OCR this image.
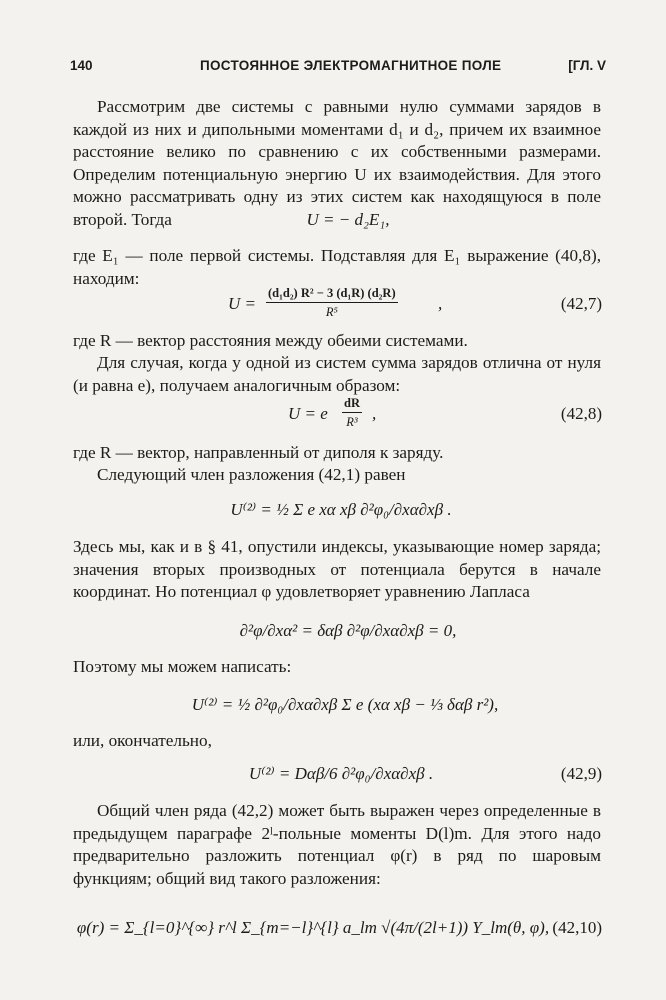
140	ПОСТОЯННОЕ ЭЛЕКТРОМАГНИТНОЕ ПОЛЕ	[ГЛ. V

Рассмотрим две системы с равными нулю суммами зарядов в каждой из них и дипольными моментами d₁ и d₂, причем их взаимное расстояние велико по сравнению с их собственными размерами. Определим потенциальную энергию U их взаимодействия. Для этого можно рассматривать одну из этих систем как находящуюся в поле второй. Тогда	U = − d₂E₁,

где E₁ — поле первой системы. Подставляя для E₁ выражение (40,8), находим:

$U = \frac{\text{(d₁d₂) R² − 3 (d₁R) (d₂R)}}{\text{R⁵}}$ ,	(42,7)

где R — вектор расстояния между обеими системами.

Для случая, когда у одной из систем сумма зарядов отлична от нуля (и равна e), получаем аналогичным образом:

U = e $\frac{dR}{\text{R³}}$ ,	(42,8)

где R — вектор, направленный от диполя к заряду.

Следующий член разложения (42,1) равен

U⁽²⁾ = ½ Σ e xα xβ ∂²φ₀/∂xα∂xβ .

Здесь мы, как и в § 41, опустили индексы, указывающие номер заряда; значения вторых производных от потенциала берутся в начале координат. Но потенциал φ удовлетворяет уравнению Лапласа

∂²φ/∂xα² = δαβ ∂²φ/∂xα∂xβ = 0,

Поэтому мы можем написать:

U⁽²⁾ = ½ ∂²φ₀/∂xα∂xβ Σ e (xα xβ − ⅓ δαβ r²),

или, окончательно,

U⁽²⁾ = Dαβ/6 ∂²φ₀/∂xα∂xβ .	(42,9)

Общий член ряда (42,2) может быть выражен через определенные в предыдущем параграфе 2ˡ-польные моменты D(l)m. Для этого надо предварительно разложить потенциал φ(r) в ряд по шаровым функциям; общий вид такого разложения:

φ(r) = Σ_{l=0}^{∞} r^l Σ_{m=−l}^{l} a_lm √(4π/(2l+1)) Y_lm(θ, φ), (42,10)
